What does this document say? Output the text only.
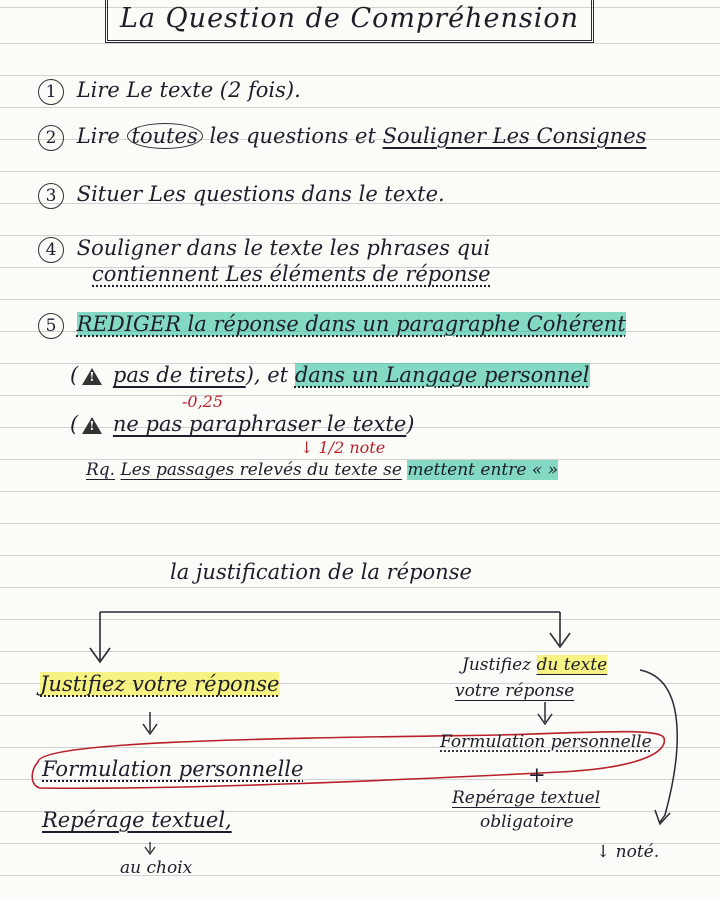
La Question de Compréhension
1 Lire Le texte (2 fois).
2 Lire toutes les questions et Souligner Les Consignes
3 Situer Les questions dans le texte.
4 Souligner dans le texte les phrases qui
contiennent Les éléments de réponse
5 REDIGER la réponse dans un paragraphe Cohérent
( ! pas de tirets), et dans un Langage personnel
-0,25
( ! ne pas paraphraser le texte)
↓ 1/2 note
Rq. Les passages relevés du texte se mettent entre « »
la justification de la réponse
Justifiez votre réponse
Formulation personnelle
Repérage textuel,
au choix
Justifiez du texte
votre réponse
Formulation personnelle
+
Repérage textuel
obligatoire
↓ noté.
